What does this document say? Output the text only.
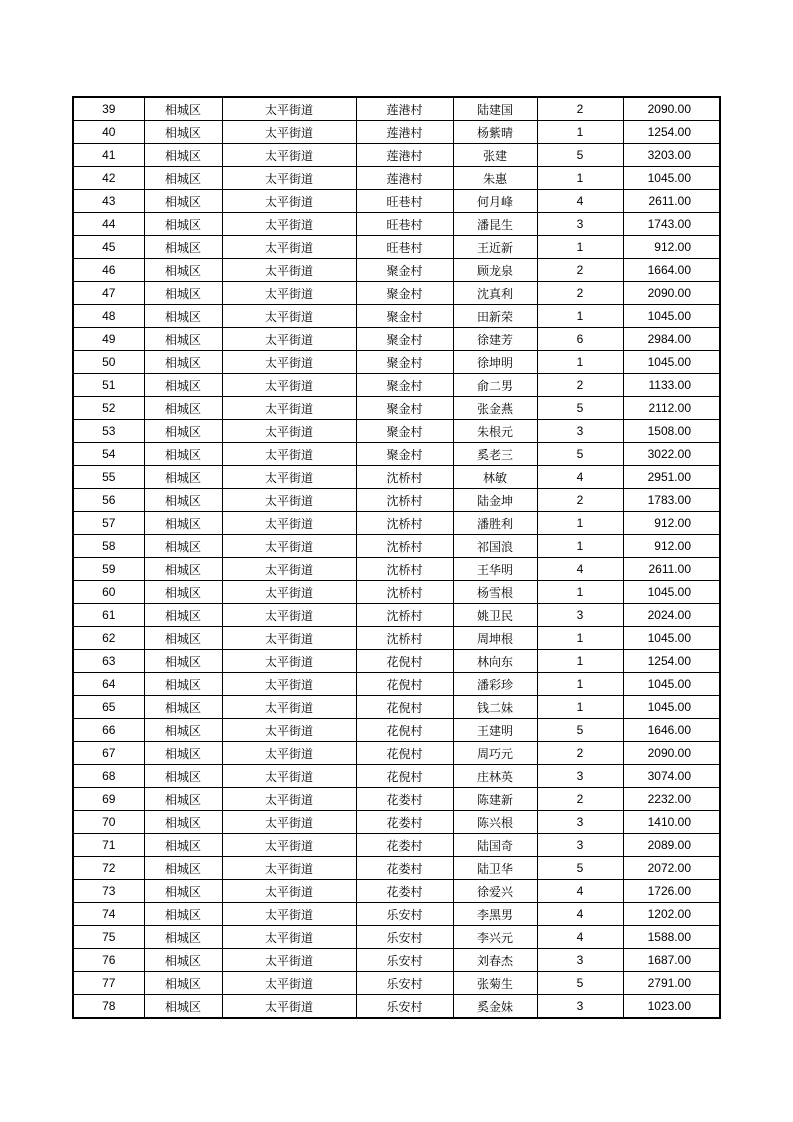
39	相城区	太平街道	莲港村	陆建国	2	2090.00
40	相城区	太平街道	莲港村	杨紫晴	1	1254.00
41	相城区	太平街道	莲港村	张建	5	3203.00
42	相城区	太平街道	莲港村	朱惠	1	1045.00
43	相城区	太平街道	旺巷村	何月峰	4	2611.00
44	相城区	太平街道	旺巷村	潘昆生	3	1743.00
45	相城区	太平街道	旺巷村	王近新	1	912.00
46	相城区	太平街道	聚金村	顾龙泉	2	1664.00
47	相城区	太平街道	聚金村	沈真利	2	2090.00
48	相城区	太平街道	聚金村	田新荣	1	1045.00
49	相城区	太平街道	聚金村	徐建芳	6	2984.00
50	相城区	太平街道	聚金村	徐坤明	1	1045.00
51	相城区	太平街道	聚金村	俞二男	2	1133.00
52	相城区	太平街道	聚金村	张金燕	5	2112.00
53	相城区	太平街道	聚金村	朱根元	3	1508.00
54	相城区	太平街道	聚金村	奚老三	5	3022.00
55	相城区	太平街道	沈桥村	林敏	4	2951.00
56	相城区	太平街道	沈桥村	陆金坤	2	1783.00
57	相城区	太平街道	沈桥村	潘胜利	1	912.00
58	相城区	太平街道	沈桥村	祁国浪	1	912.00
59	相城区	太平街道	沈桥村	王华明	4	2611.00
60	相城区	太平街道	沈桥村	杨雪根	1	1045.00
61	相城区	太平街道	沈桥村	姚卫民	3	2024.00
62	相城区	太平街道	沈桥村	周坤根	1	1045.00
63	相城区	太平街道	花倪村	林向东	1	1254.00
64	相城区	太平街道	花倪村	潘彩珍	1	1045.00
65	相城区	太平街道	花倪村	钱二妹	1	1045.00
66	相城区	太平街道	花倪村	王建明	5	1646.00
67	相城区	太平街道	花倪村	周巧元	2	2090.00
68	相城区	太平街道	花倪村	庄林英	3	3074.00
69	相城区	太平街道	花娄村	陈建新	2	2232.00
70	相城区	太平街道	花娄村	陈兴根	3	1410.00
71	相城区	太平街道	花娄村	陆国奇	3	2089.00
72	相城区	太平街道	花娄村	陆卫华	5	2072.00
73	相城区	太平街道	花娄村	徐爱兴	4	1726.00
74	相城区	太平街道	乐安村	李黑男	4	1202.00
75	相城区	太平街道	乐安村	李兴元	4	1588.00
76	相城区	太平街道	乐安村	刘春杰	3	1687.00
77	相城区	太平街道	乐安村	张菊生	5	2791.00
78	相城区	太平街道	乐安村	奚金妹	3	1023.00
